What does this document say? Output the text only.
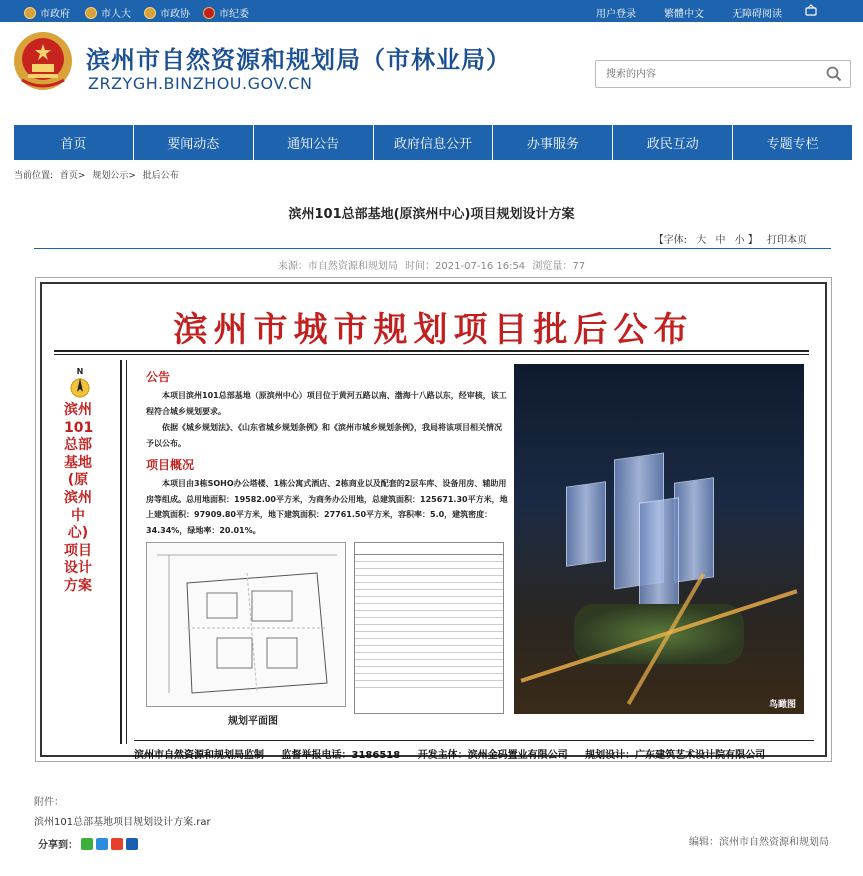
市政府	市人大	市政协	市纪委	用户登录	繁體中文	无障碍阅读
滨州市自然资源和规划局（市林业局）
ZRZYGH.BINZHOU.GOV.CN
搜索的内容
首页	要闻动态	通知公告	政府信息公开	办事服务	政民互动	专题专栏
当前位置: 首页> 规划公示> 批后公布
滨州101总部基地(原滨州中心)项目规划设计方案
【字体: 大 中 小 】 打印本页
来源：市自然资源和规划局 时间：2021-07-16 16:54 浏览量：77
滨州市城市规划项目批后公布
N
滨州101总部基地(原滨州中心)项目设计方案
公告
本项目滨州101总部基地（原滨州中心）项目位于黄河五路以南、渤海十八路以东，经审核，该工程符合城乡规划要求。
依据《城乡规划法》、《山东省城乡规划条例》和《滨州市城乡规划条例》，我局将该项目相关情况予以公布。
项目概况
本项目由3栋SOHO办公塔楼、1栋公寓式酒店、2栋商业以及配套的2层车库、设备用房、辅助用房等组成。总用地面积：19582.00平方米，为商务办公用地，总建筑面积：125671.30平方米，地上建筑面积：97909.80平方米，地下建筑面积：27761.50平方米，容积率：5.0，建筑密度：34.34%，绿地率：20.01%。
规划平面图
鸟瞰图
滨州市自然资源和规划局监制 监督举报电话：3186518 开发主体：滨州金码置业有限公司 规划设计：广东建筑艺术设计院有限公司
附件：
滨州101总部基地项目规划设计方案.rar
分享到：	编辑：滨州市自然资源和规划局
